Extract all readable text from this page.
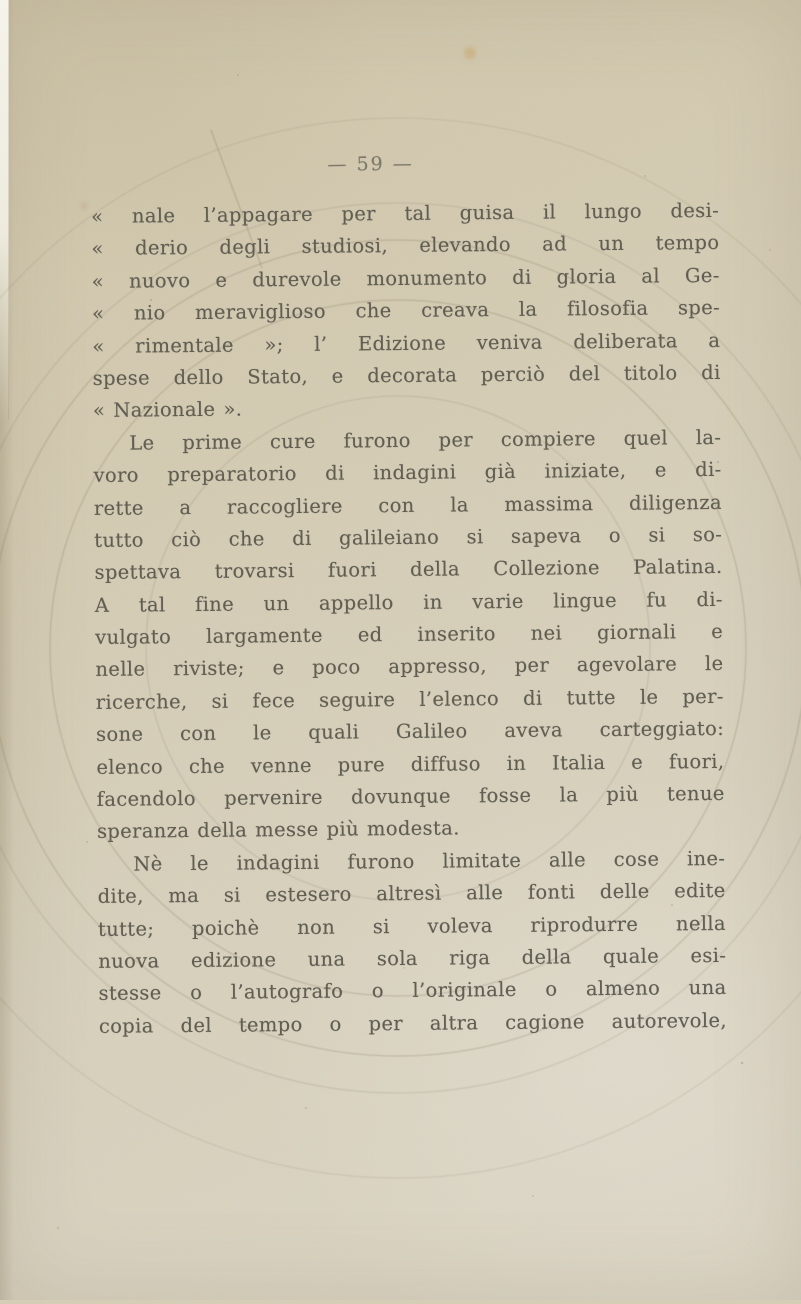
— 59 —
« nale l’appagare per tal guisa il lungo desi-
« derio degli studiosi, elevando ad un tempo
« nuovo e durevole monumento di gloria al Ge-
« nio meraviglioso che creava la filosofia spe-
« rimentale »; l’ Edizione veniva deliberata a
spese dello Stato, e decorata perciò del titolo di
« Nazionale ».
Le prime cure furono per compiere quel la-
voro preparatorio di indagini già iniziate, e di-
rette a raccogliere con la massima diligenza
tutto ciò che di galileiano si sapeva o si so-
spettava trovarsi fuori della Collezione Palatina.
A tal fine un appello in varie lingue fu di-
vulgato largamente ed inserito nei giornali e
nelle riviste; e poco appresso, per agevolare le
ricerche, si fece seguire l’elenco di tutte le per-
sone con le quali Galileo aveva carteggiato:
elenco che venne pure diffuso in Italia e fuori,
facendolo pervenire dovunque fosse la più tenue
speranza della messe più modesta.
Nè le indagini furono limitate alle cose ine-
dite, ma si estesero altresì alle fonti delle edite
tutte; poichè non si voleva riprodurre nella
nuova edizione una sola riga della quale esi-
stesse o l’autografo o l’originale o almeno una
copia del tempo o per altra cagione autorevole,
